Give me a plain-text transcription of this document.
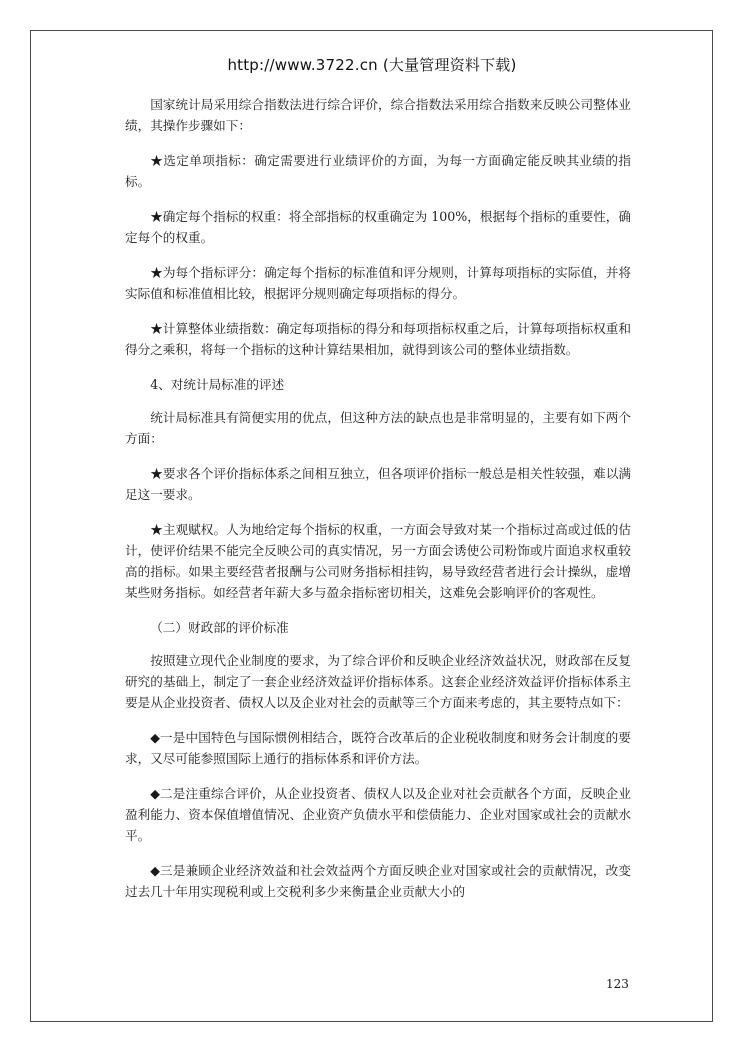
http://www.3722.cn (大量管理资料下载)

国家统计局采用综合指数法进行综合评价，综合指数法采用综合指数来反映公司整体业绩，其操作步骤如下：

★选定单项指标：确定需要进行业绩评价的方面，为每一方面确定能反映其业绩的指标。

★确定每个指标的权重：将全部指标的权重确定为 100%，根据每个指标的重要性，确定每个的权重。

★为每个指标评分：确定每个指标的标准值和评分规则，计算每项指标的实际值，并将实际值和标准值相比较，根据评分规则确定每项指标的得分。

★计算整体业绩指数：确定每项指标的得分和每项指标权重之后，计算每项指标权重和得分之乘积，将每一个指标的这种计算结果相加，就得到该公司的整体业绩指数。

4、对统计局标准的评述

统计局标准具有简便实用的优点，但这种方法的缺点也是非常明显的，主要有如下两个方面：

★要求各个评价指标体系之间相互独立，但各项评价指标一般总是相关性较强，难以满足这一要求。

★主观赋权。人为地给定每个指标的权重，一方面会导致对某一个指标过高或过低的估计，使评价结果不能完全反映公司的真实情况，另一方面会诱使公司粉饰或片面追求权重较高的指标。如果主要经营者报酬与公司财务指标相挂钩，易导致经营者进行会计操纵，虚增某些财务指标。如经营者年薪大多与盈余指标密切相关，这难免会影响评价的客观性。

（二）财政部的评价标准

按照建立现代企业制度的要求，为了综合评价和反映企业经济效益状况，财政部在反复研究的基础上，制定了一套企业经济效益评价指标体系。这套企业经济效益评价指标体系主要是从企业投资者、债权人以及企业对社会的贡献等三个方面来考虑的，其主要特点如下：

◆一是中国特色与国际惯例相结合，既符合改革后的企业税收制度和财务会计制度的要求，又尽可能参照国际上通行的指标体系和评价方法。

◆二是注重综合评价，从企业投资者、债权人以及企业对社会贡献各个方面，反映企业盈利能力、资本保值增值情况、企业资产负债水平和偿债能力、企业对国家或社会的贡献水平。

◆三是兼顾企业经济效益和社会效益两个方面反映企业对国家或社会的贡献情况，改变过去几十年用实现税利或上交税利多少来衡量企业贡献大小的

123
